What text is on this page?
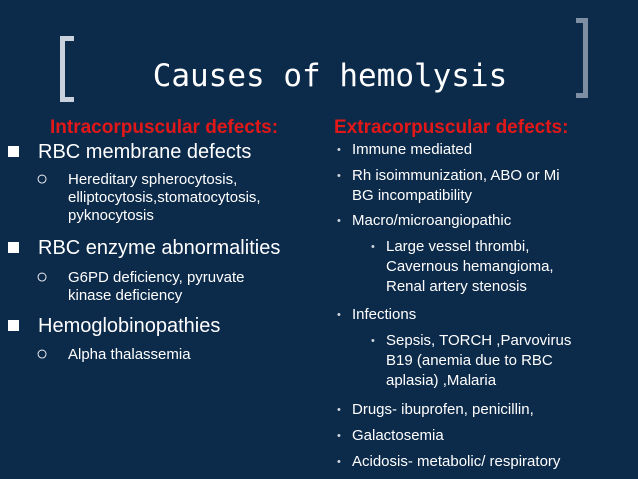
Causes of hemolysis
Intracorpuscular defects:	Extracorpuscular defects:
RBC membrane defects
○ Hereditary spherocytosis,
elliptocytosis,stomatocytosis,
pyknocytosis
RBC enzyme abnormalities
○ G6PD deficiency, pyruvate
kinase deficiency
Hemoglobinopathies
○ Alpha thalassemia
• Immune mediated
• Rh isoimmunization, ABO or Mi
BG incompatibility
• Macro/microangiopathic
• Large vessel thrombi,
Cavernous hemangioma,
Renal artery stenosis
• Infections
• Sepsis, TORCH ,Parvovirus
B19 (anemia due to RBC
aplasia) ,Malaria
• Drugs- ibuprofen, penicillin,
• Galactosemia
• Acidosis- metabolic/ respiratory
